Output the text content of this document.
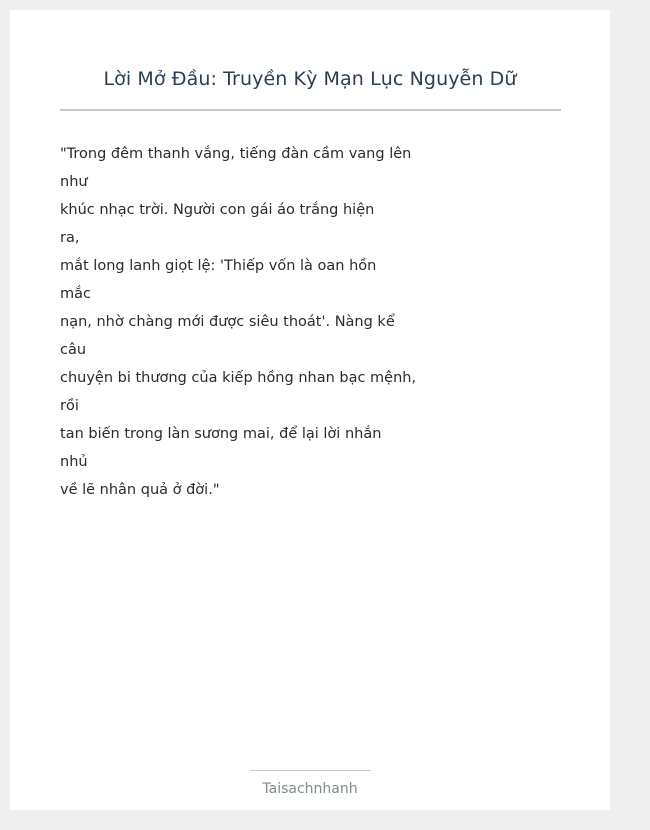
Lời Mở Đầu: Truyền Kỳ Mạn Lục Nguyễn Dữ
"Trong đêm thanh vắng, tiếng đàn cầm vang lên
như
khúc nhạc trời. Người con gái áo trắng hiện
ra,
mắt long lanh giọt lệ: 'Thiếp vốn là oan hồn
mắc
nạn, nhờ chàng mới được siêu thoát'. Nàng kể
câu
chuyện bi thương của kiếp hồng nhan bạc mệnh,
rồi
tan biến trong làn sương mai, để lại lời nhắn
nhủ
về lẽ nhân quả ở đời."
Taisachnhanh
